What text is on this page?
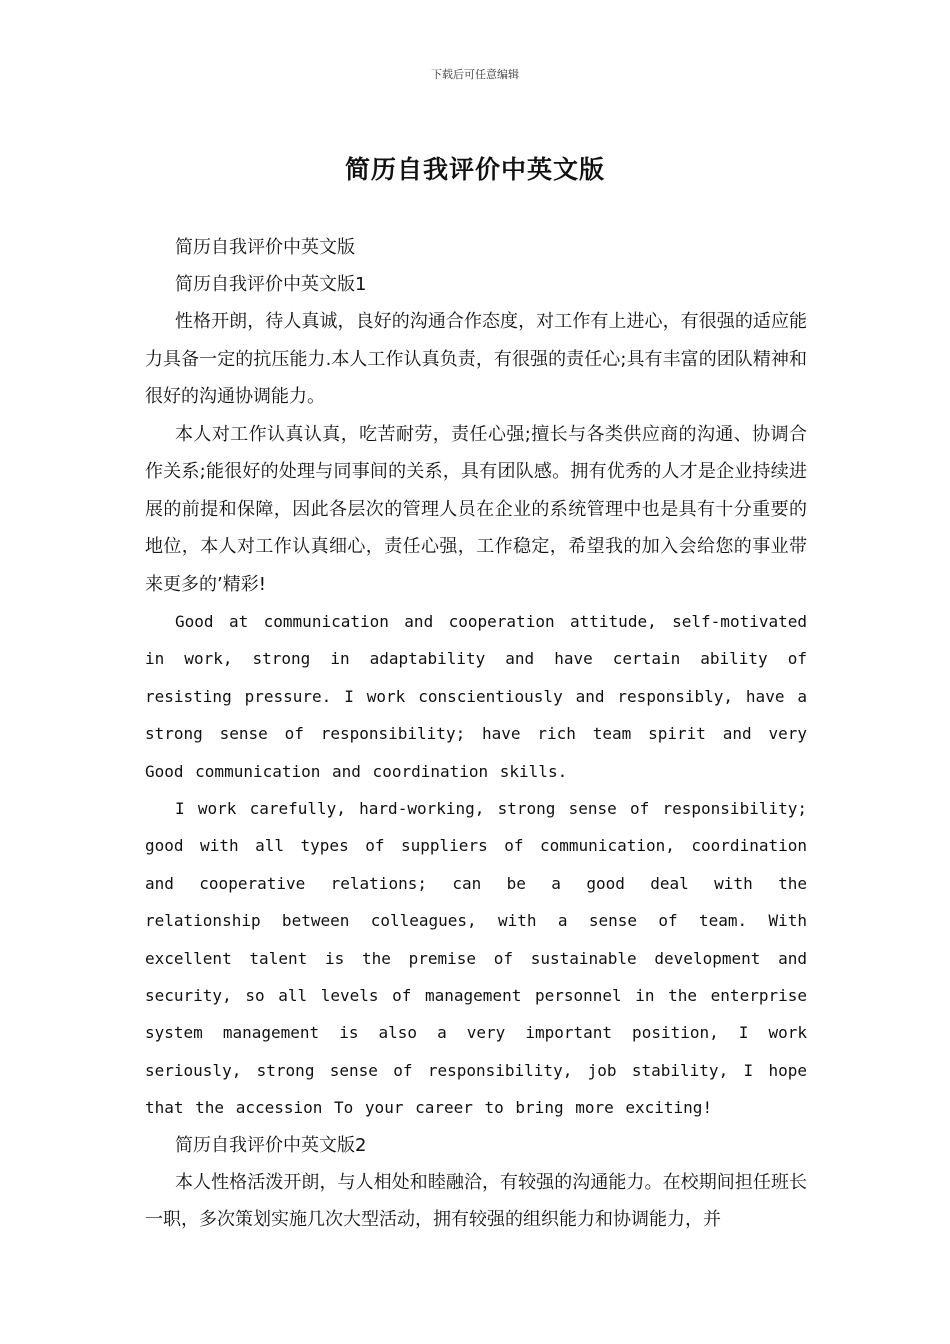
下载后可任意编辑
简历自我评价中英文版

简历自我评价中英文版

简历自我评价中英文版1

性格开朗，待人真诚，良好的沟通合作态度，对工作有上进心，有很强的适应能力具备一定的抗压能力.本人工作认真负责，有很强的责任心;具有丰富的团队精神和很好的沟通协调能力。

本人对工作认真认真，吃苦耐劳，责任心强;擅长与各类供应商的沟通、协调合作关系;能很好的处理与同事间的关系，具有团队感。拥有优秀的人才是企业持续进展的前提和保障，因此各层次的管理人员在企业的系统管理中也是具有十分重要的地位，本人对工作认真细心，责任心强，工作稳定，希望我的加入会给您的事业带来更多的’精彩!

Good at communication and cooperation attitude, self-motivated in work, strong in adaptability and have certain ability of resisting pressure. I work conscientiously and responsibly, have a strong sense of responsibility; have rich team spirit and very Good communication and coordination skills.

I work carefully, hard-working, strong sense of responsibility; good with all types of suppliers of communication, coordination and cooperative relations; can be a good deal with the relationship between colleagues, with a sense of team. With excellent talent is the premise of sustainable development and security, so all levels of management personnel in the enterprise system management is also a very important position, I work seriously, strong sense of responsibility, job stability, I hope that the accession To your career to bring more exciting!

简历自我评价中英文版2

本人性格活泼开朗，与人相处和睦融洽，有较强的沟通能力。在校期间担任班长一职，多次策划实施几次大型活动，拥有较强的组织能力和协调能力，并
